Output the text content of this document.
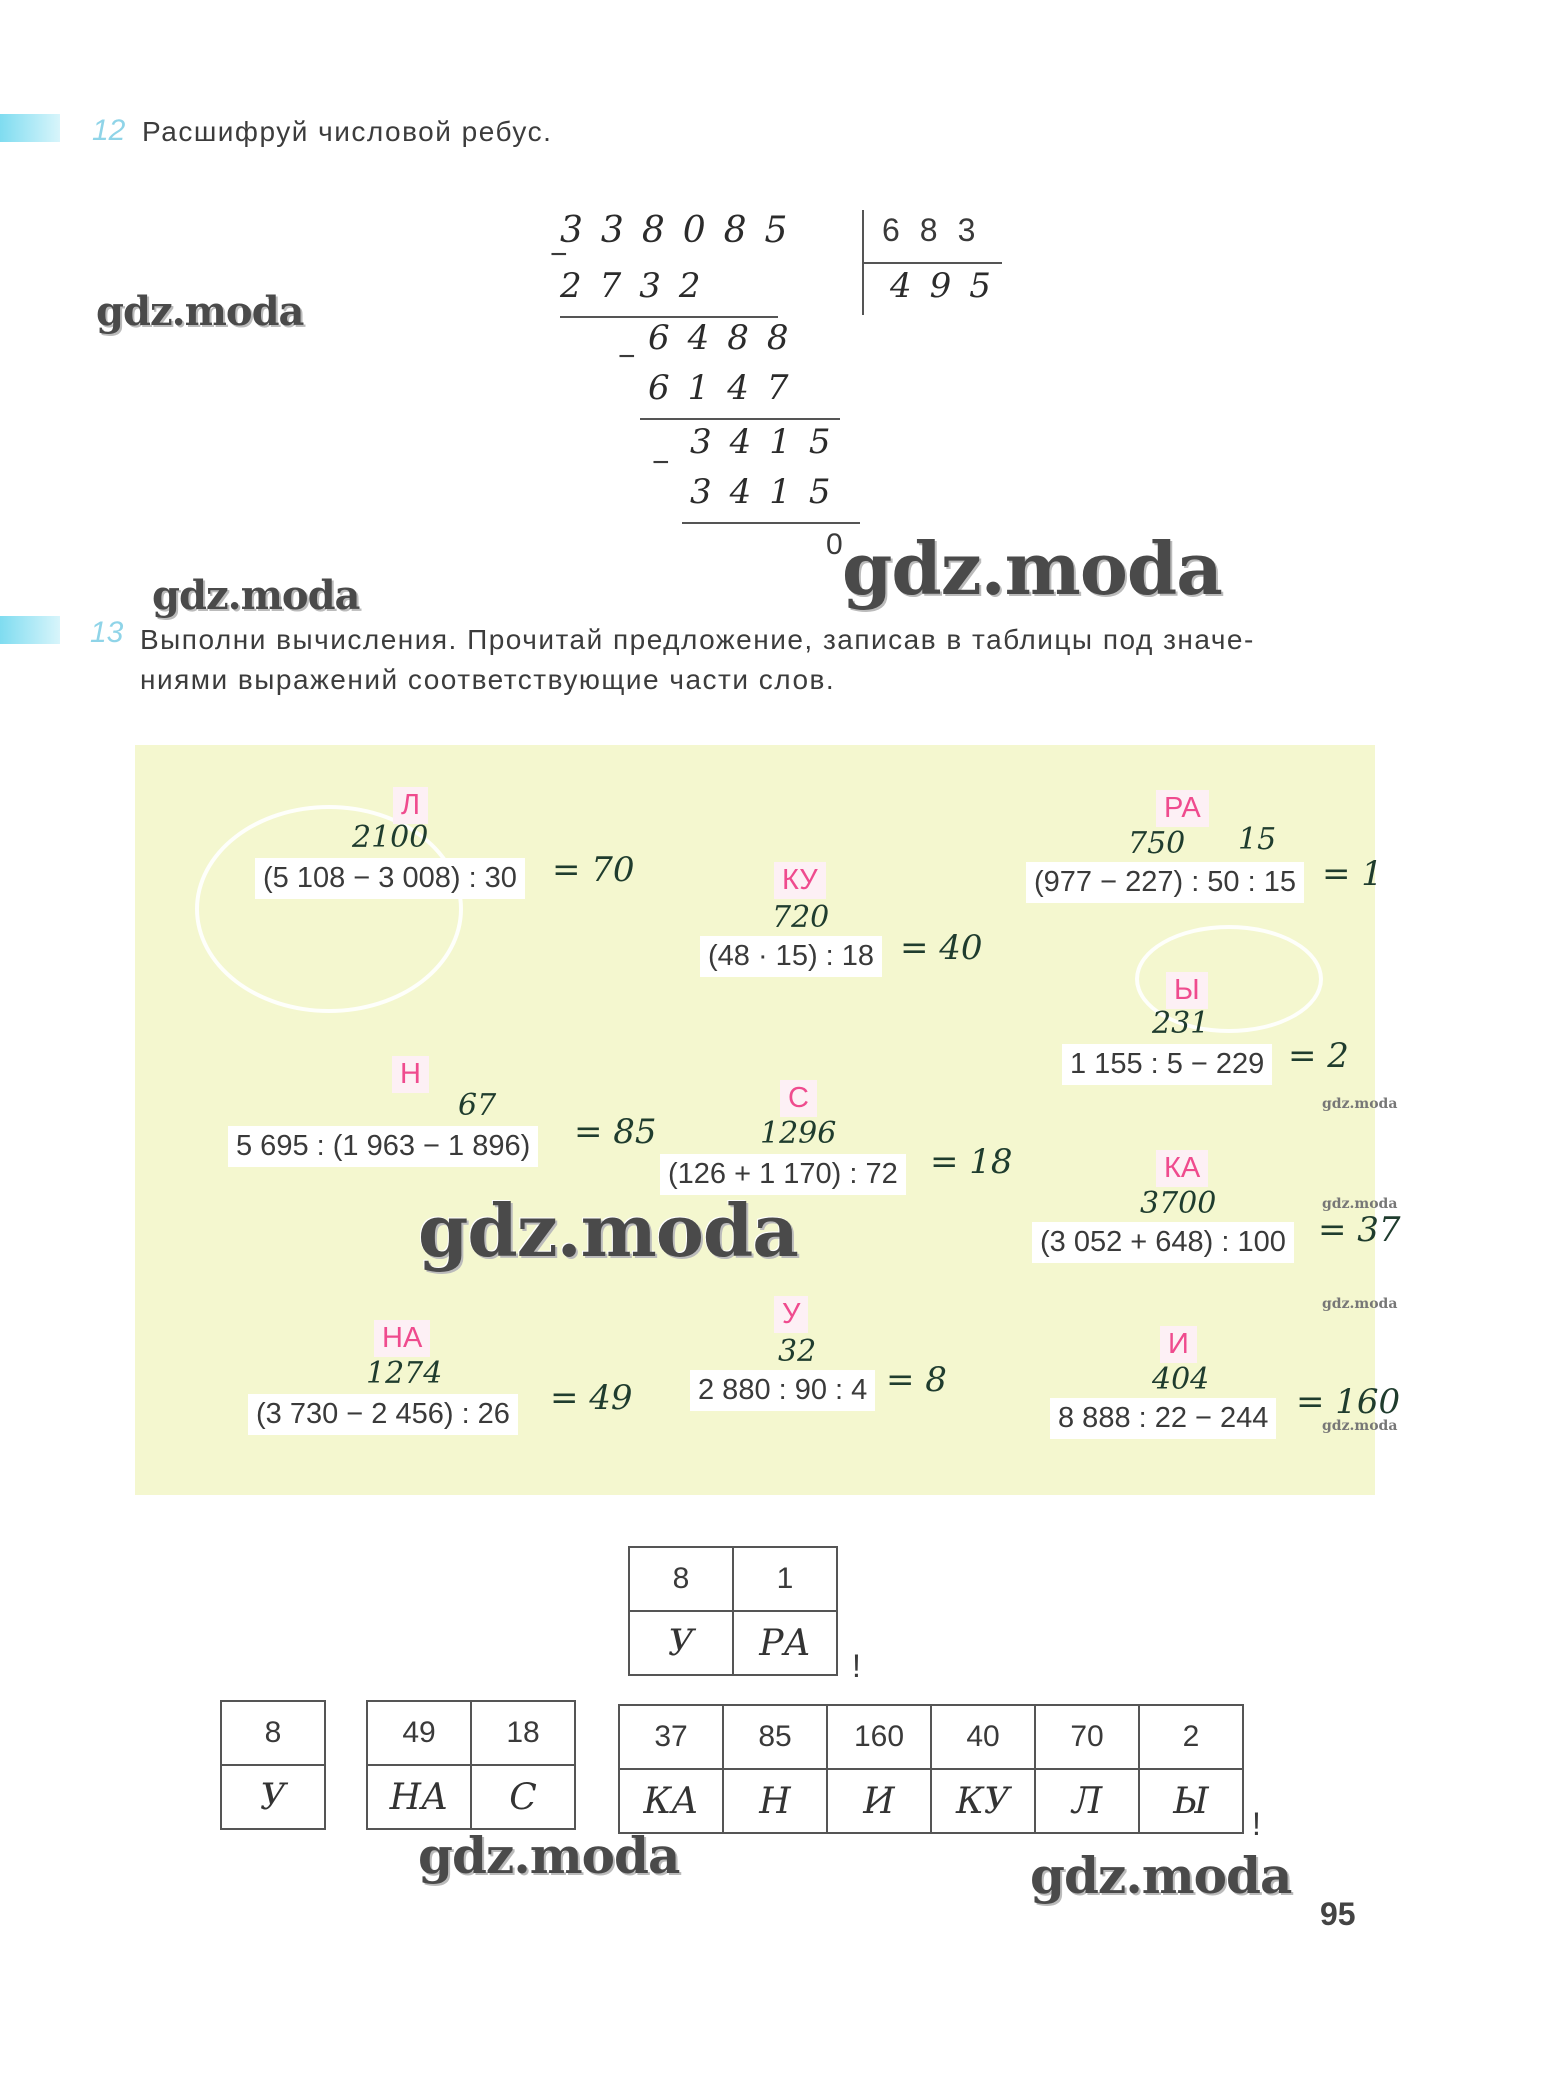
12 Расшифруй числовой ребус.
338085 683
495
−
2732
− 6488
6147
−
3415
3415
0
13 Выполни вычисления. Прочитай предложение, записав в таблицы под значе-
ниями выражений соответствующие части слов.
Л
2100
(5 108 − 3 008) : 30 = 70	КУ
720
(48 · 15) : 18 = 40
РА
750 15
(977 − 227) : 50 : 15 = 1
Ы
231
1 155 : 5 − 229 = 2
Н
67
5 695 : (1 963 − 1 896) = 85
С
1296
(126 + 1 170) : 72 = 18	КА
3700
(3 052 + 648) : 100 = 37
НА
1274
(3 730 − 2 456) : 26 = 49
У
32
2 880 : 90 : 4 = 8
И
404
8 888 : 22 − 244 = 160
8	1
У	РА
!
8
У
49	18
НА	С
37	85	160	40	70	2
КА	Н	И	КУ	Л	Ы
!
gdz.moda
gdz.moda	gdz.moda
gdz.moda
gdz.moda	gdz.moda
gdz.moda
gdz.moda
gdz.moda
gdz.moda
95
